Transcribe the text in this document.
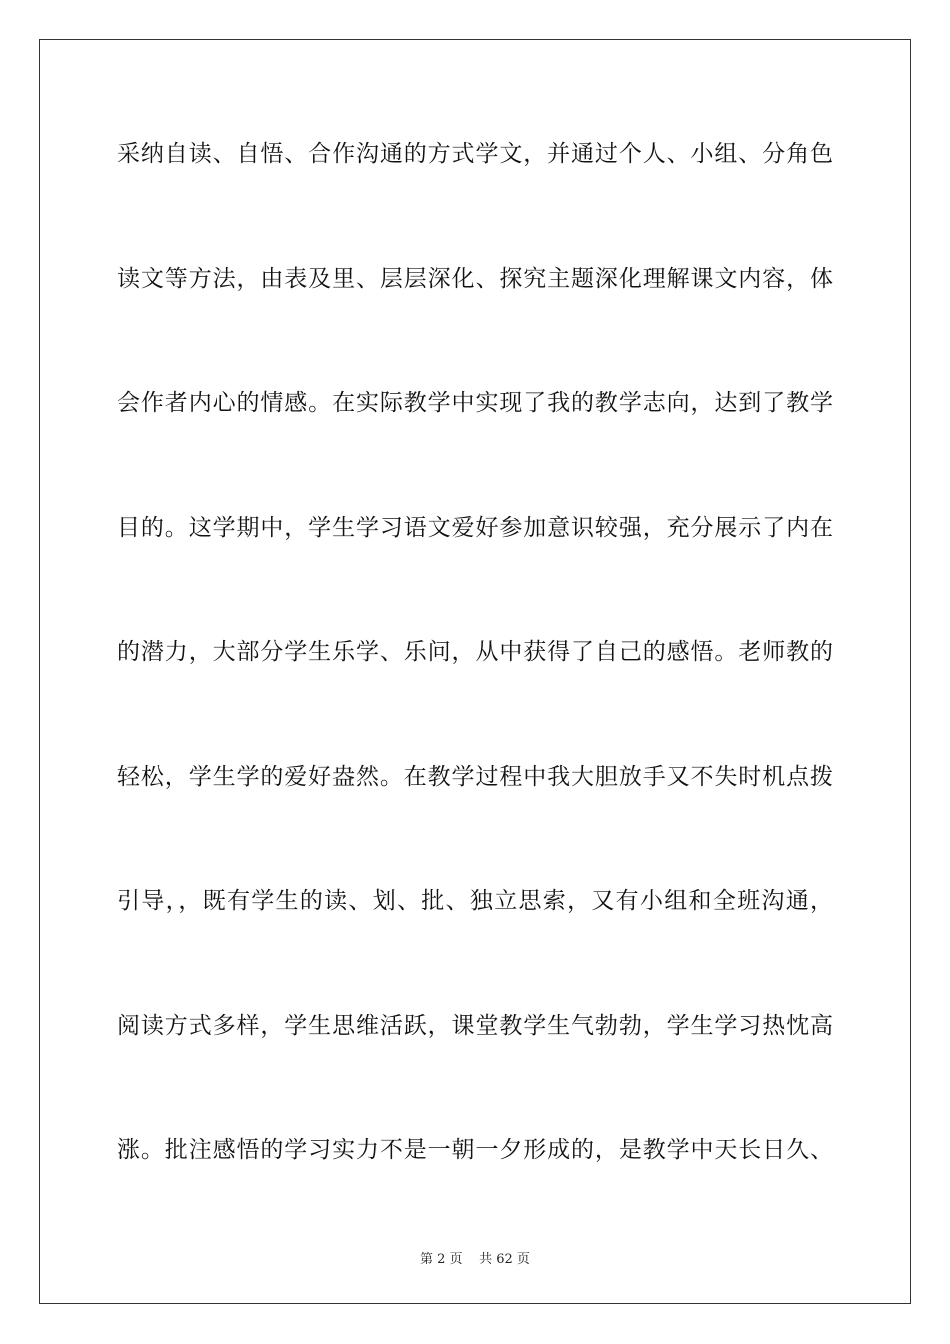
采纳自读、自悟、合作沟通的方式学文，并通过个人、小组、分角色
读文等方法，由表及里、层层深化、探究主题深化理解课文内容，体
会作者内心的情感。在实际教学中实现了我的教学志向，达到了教学
目的。这学期中，学生学习语文爱好参加意识较强，充分展示了内在
的潜力，大部分学生乐学、乐问，从中获得了自己的感悟。老师教的
轻松，学生学的爱好盎然。在教学过程中我大胆放手又不失时机点拨
引导，，既有学生的读、划、批、独立思索，又有小组和全班沟通，
阅读方式多样，学生思维活跃，课堂教学生气勃勃，学生学习热忱高
涨。批注感悟的学习实力不是一朝一夕形成的，是教学中天长日久、
第 2 页 共 62 页
